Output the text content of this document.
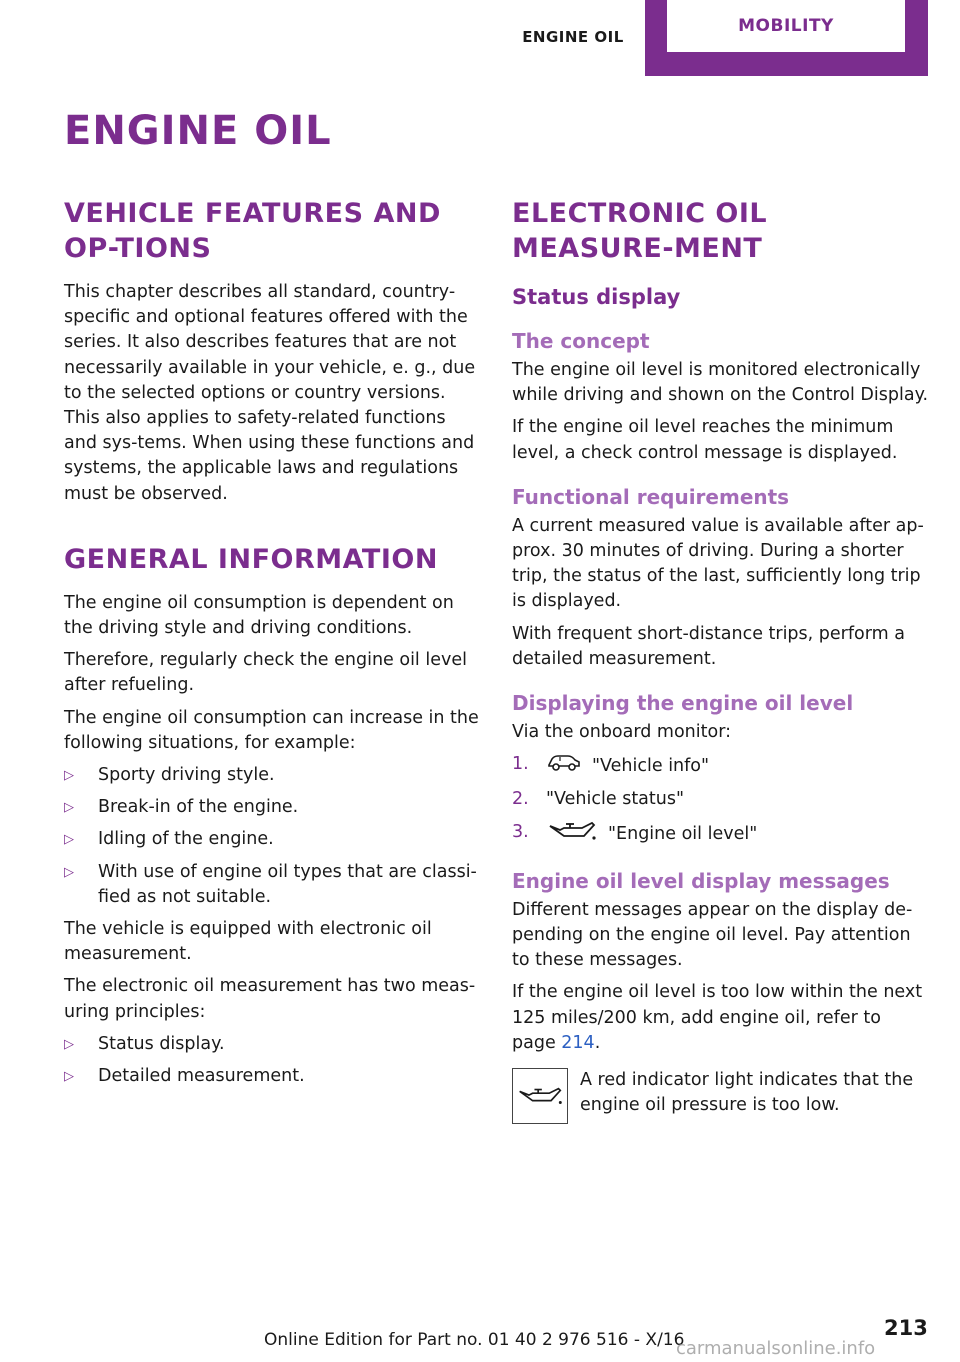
ENGINE OIL
MOBILITY
ENGINE OIL
VEHICLE FEATURES AND OP‐TIONS

This chapter describes all standard, country-specific and optional features offered with the series. It also describes features that are not necessarily available in your vehicle, e. g., due to the selected options or country versions. This also applies to safety-related functions and sys‐tems. When using these functions and systems, the applicable laws and regulations must be observed.

GENERAL INFORMATION

The engine oil consumption is dependent on the driving style and driving conditions.

Therefore, regularly check the engine oil level after refueling.

The engine oil consumption can increase in the following situations, for example:

▷ Sporty driving style.
▷ Break-in of the engine.
▷ Idling of the engine.
▷ With use of engine oil types that are classi‐fied as not suitable.

The vehicle is equipped with electronic oil measurement.

The electronic oil measurement has two meas‐uring principles:

▷ Status display.
▷ Detailed measurement.
ELECTRONIC OIL MEASURE‐MENT
Status display
The concept

The engine oil level is monitored electronically while driving and shown on the Control Display.

If the engine oil level reaches the minimum level, a check control message is displayed.

Functional requirements

A current measured value is available after ap‐prox. 30 minutes of driving. During a shorter trip, the status of the last, sufficiently long trip is displayed.

With frequent short-distance trips, perform a detailed measurement.

Displaying the engine oil level

Via the onboard monitor:

1.	"Vehicle info"
2. "Vehicle status"
3.	"Engine oil level"
Engine oil level display messages

Different messages appear on the display de‐pending on the engine oil level. Pay attention to these messages.

If the engine oil level is too low within the next 125 miles/200 km, add engine oil, refer to page 214.

A red indicator light indicates that the engine oil pressure is too low.
Online Edition for Part no. 01 40 2 976 516 - X/16	213
carmanualsonline.info
